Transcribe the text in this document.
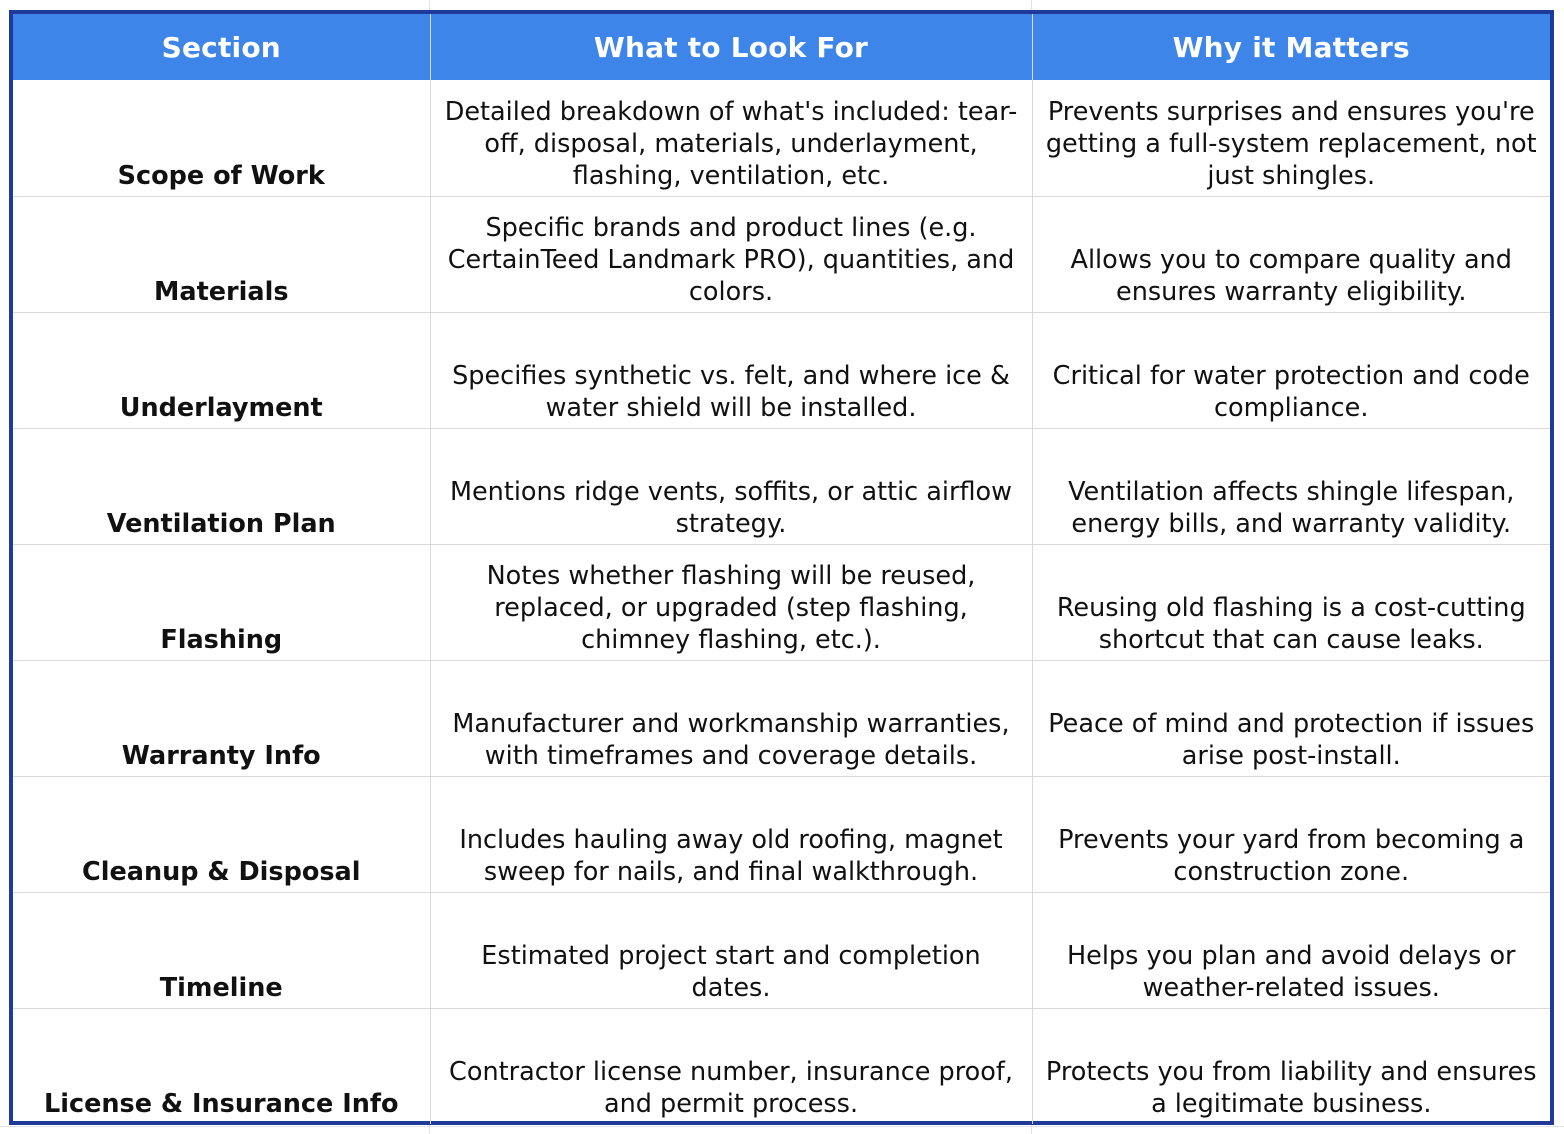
Section	What to Look For	Why it Matters
Scope of Work	Detailed breakdown of what's included: tear-off, disposal, materials, underlayment, flashing, ventilation, etc.	Prevents surprises and ensures you're getting a full-system replacement, not just shingles.
Materials	Specific brands and product lines (e.g. CertainTeed Landmark PRO), quantities, and colors.	Allows you to compare quality and ensures warranty eligibility.
Underlayment	Specifies synthetic vs. felt, and where ice & water shield will be installed.	Critical for water protection and code compliance.
Ventilation Plan	Mentions ridge vents, soffits, or attic airflow strategy.	Ventilation affects shingle lifespan, energy bills, and warranty validity.
Flashing	Notes whether flashing will be reused, replaced, or upgraded (step flashing, chimney flashing, etc.).	Reusing old flashing is a cost-cutting shortcut that can cause leaks.
Warranty Info	Manufacturer and workmanship warranties, with timeframes and coverage details.	Peace of mind and protection if issues arise post-install.
Cleanup & Disposal	Includes hauling away old roofing, magnet sweep for nails, and final walkthrough.	Prevents your yard from becoming a construction zone.
Timeline	Estimated project start and completion dates.	Helps you plan and avoid delays or weather-related issues.
License & Insurance Info	Contractor license number, insurance proof, and permit process.	Protects you from liability and ensures a legitimate business.
